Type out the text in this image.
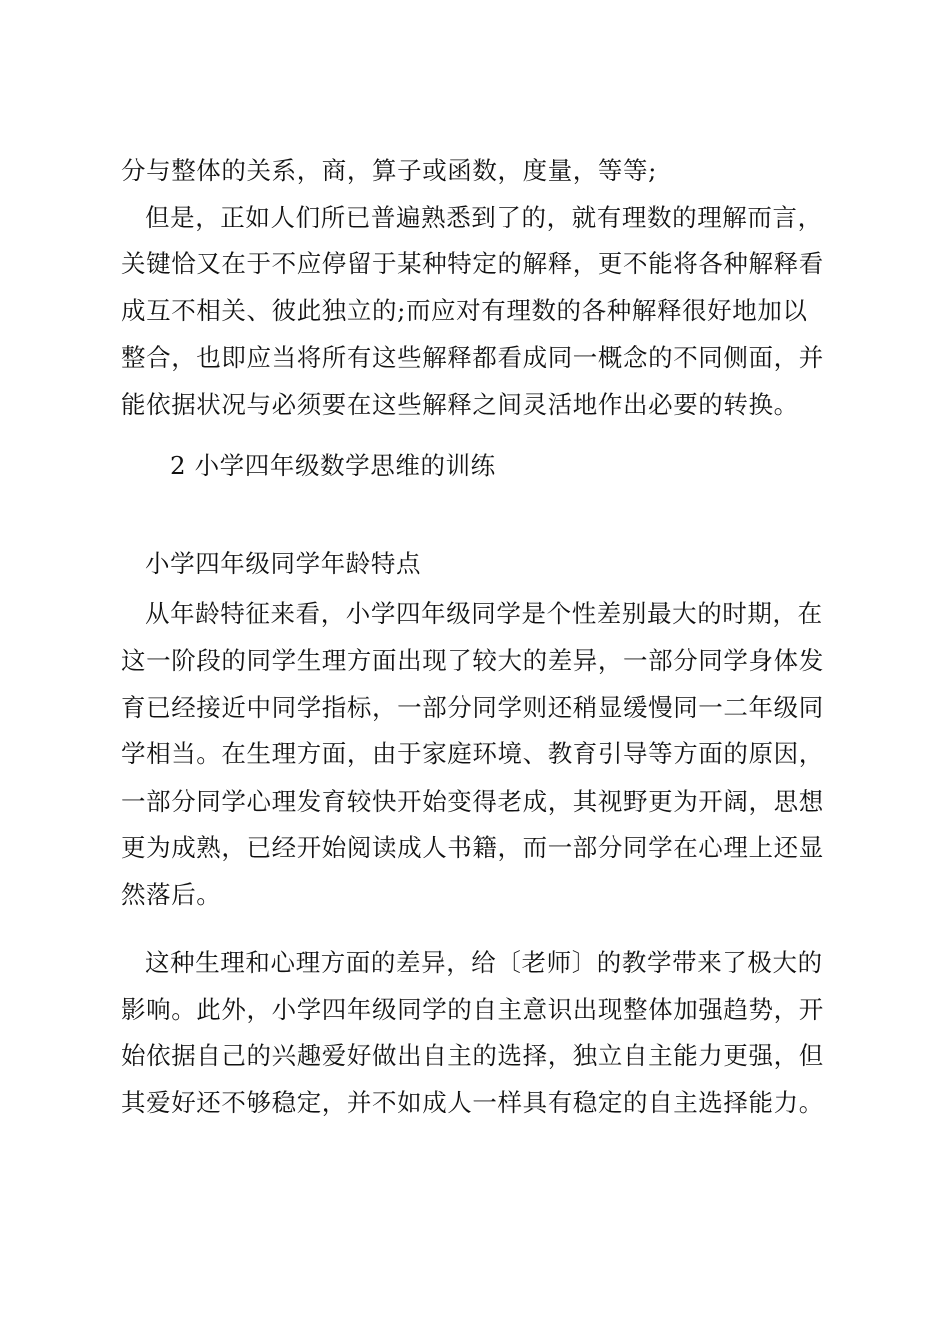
分与整体的关系，商，算子或函数，度量，等等;
但是，正如人们所已普遍熟悉到了的，就有理数的理解而言，
关键恰又在于不应停留于某种特定的解释，更不能将各种解释看
成互不相关、彼此独立的;而应对有理数的各种解释很好地加以
整合，也即应当将所有这些解释都看成同一概念的不同侧面，并
能依据状况与必须要在这些解释之间灵活地作出必要的转换。
2 小学四年级数学思维的训练
小学四年级同学年龄特点
从年龄特征来看，小学四年级同学是个性差别最大的时期，在
这一阶段的同学生理方面出现了较大的差异，一部分同学身体发
育已经接近中同学指标，一部分同学则还稍显缓慢同一二年级同
学相当。在生理方面，由于家庭环境、教育引导等方面的原因，
一部分同学心理发育较快开始变得老成，其视野更为开阔，思想
更为成熟，已经开始阅读成人书籍，而一部分同学在心理上还显
然落后。
这种生理和心理方面的差异，给〔老师〕的教学带来了极大的
影响。此外，小学四年级同学的自主意识出现整体加强趋势，开
始依据自己的兴趣爱好做出自主的选择，独立自主能力更强，但
其爱好还不够稳定，并不如成人一样具有稳定的自主选择能力。
